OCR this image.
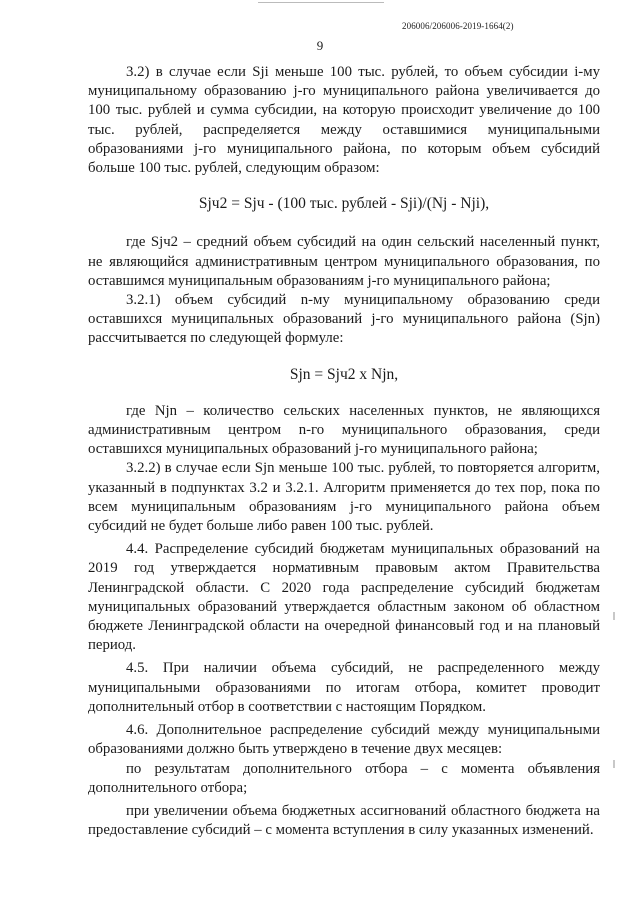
206006/206006-2019-1664(2)
9

3.2) в случае если Sji меньше 100 тыс. рублей, то объем субсидии i-му муниципальному образованию j-го муниципального района увеличивается до 100 тыс. рублей и сумма субсидии, на которую происходит увеличение до 100 тыс. рублей, распределяется между оставшимися муниципальными образованиями j-го муниципального района, по которым объем субсидий больше 100 тыс. рублей, следующим образом:

Sjч2 = Sjч - (100 тыс. рублей - Sji)/(Nj - Nji),

где Sjч2 – средний объем субсидий на один сельский населенный пункт, не являющийся административным центром муниципального образования, по оставшимся муниципальным образованиям j-го муниципального района;

3.2.1) объем субсидий n-му муниципальному образованию среди оставшихся муниципальных образований j-го муниципального района (Sjn) рассчитывается по следующей формуле:

Sjn = Sjч2 x Njn,

где Njn – количество сельских населенных пунктов, не являющихся административным центром n-го муниципального образования, среди оставшихся муниципальных образований j-го муниципального района;

3.2.2) в случае если Sjn меньше 100 тыс. рублей, то повторяется алгоритм, указанный в подпунктах 3.2 и 3.2.1. Алгоритм применяется до тех пор, пока по всем муниципальным образованиям j-го муниципального района объем субсидий не будет больше либо равен 100 тыс. рублей.

4.4. Распределение субсидий бюджетам муниципальных образований на 2019 год утверждается нормативным правовым актом Правительства Ленинградской области. С 2020 года распределение субсидий бюджетам муниципальных образований утверждается областным законом об областном бюджете Ленинградской области на очередной финансовый год и на плановый период.

4.5. При наличии объема субсидий, не распределенного между муниципальными образованиями по итогам отбора, комитет проводит дополнительный отбор в соответствии с настоящим Порядком.

4.6. Дополнительное распределение субсидий между муниципальными образованиями должно быть утверждено в течение двух месяцев:

по результатам дополнительного отбора – с момента объявления дополнительного отбора;

при увеличении объема бюджетных ассигнований областного бюджета на предоставление субсидий – с момента вступления в силу указанных изменений.
